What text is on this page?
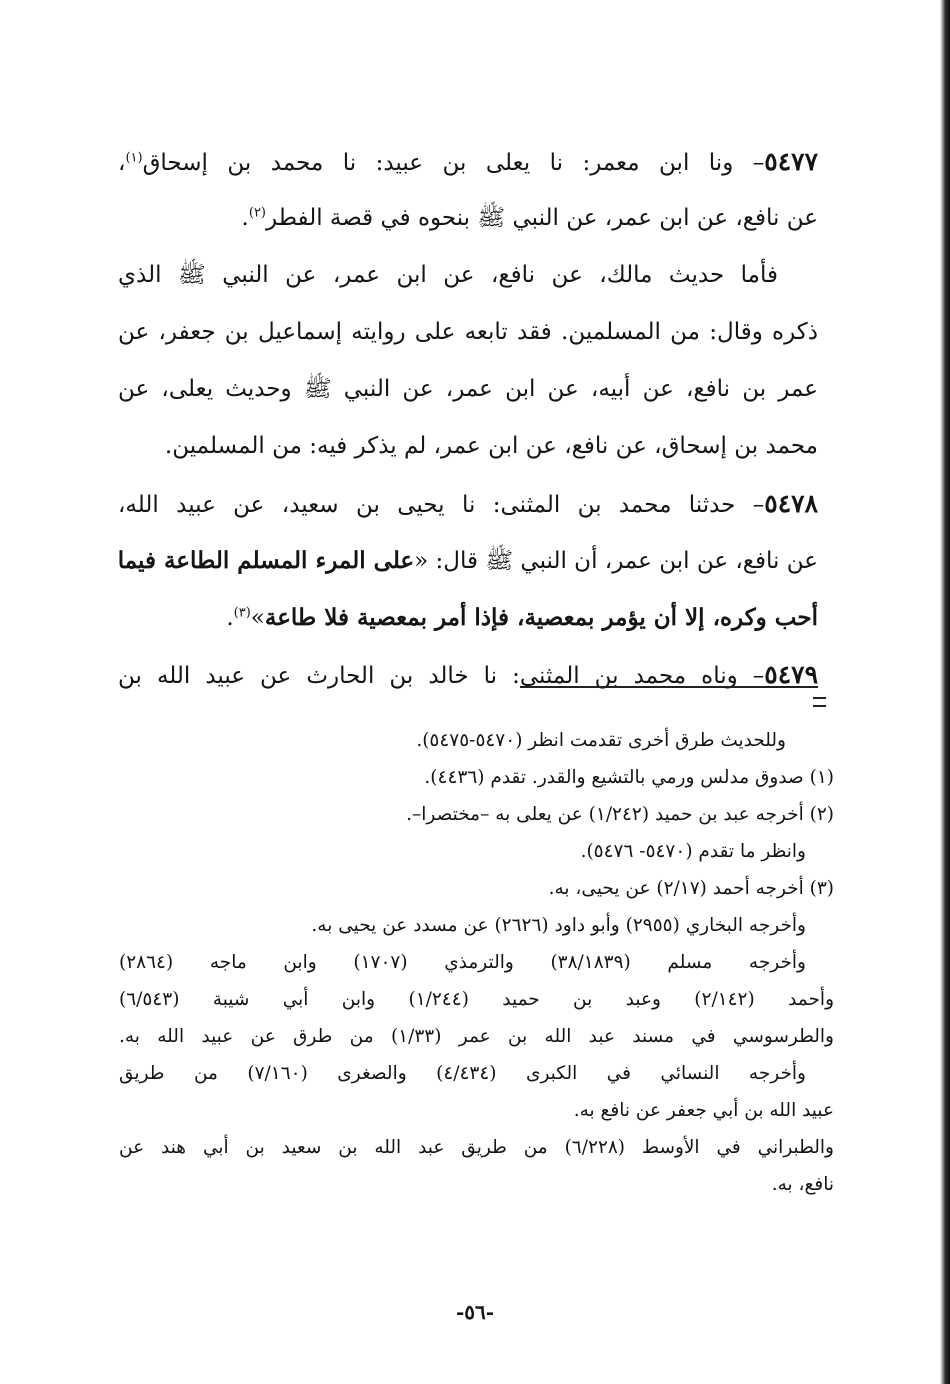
٥٤٧٧– ونا ابن معمر: نا يعلى بن عبيد: نا محمد بن إسحاق$^{(١)}$،
عن نافع، عن ابن عمر، عن النبي ﷺ بنحوه في قصة الفطر$^{(٢)}$.
فأما حديث مالك، عن نافع، عن ابن عمر، عن النبي ﷺ الذي
ذكره وقال: من المسلمين. فقد تابعه على روايته إسماعيل بن جعفر، عن
عمر بن نافع، عن أبيه، عن ابن عمر، عن النبي ﷺ وحديث يعلى، عن
محمد بن إسحاق، عن نافع، عن ابن عمر، لم يذكر فيه: من المسلمين.
٥٤٧٨– حدثنا محمد بن المثنى: نا يحيى بن سعيد، عن عبيد الله،
عن نافع، عن ابن عمر، أن النبي ﷺ قال: «على المرء المسلم الطاعة فيما
أحب وكره، إلا أن يؤمر بمعصية، فإذا أمر بمعصية فلا طاعة»$^{(٣)}$.
٥٤٧٩– وناه محمد بن المثنى: نا خالد بن الحارث عن عبيد الله بن
وللحديث طرق أخرى تقدمت انظر (٥٤٧٠-٥٤٧٥).
(١) صدوق مدلس ورمي بالتشيع والقدر. تقدم (٤٤٣٦).
(٢) أخرجه عبد بن حميد (١/٢٤٢) عن يعلى به –مختصرا–.
وانظر ما تقدم (٥٤٧٠- ٥٤٧٦).
(٣) أخرجه أحمد (٢/١٧) عن يحيى، به.
وأخرجه البخاري (٢٩٥٥) وأبو داود (٢٦٢٦) عن مسدد عن يحيى به.
وأخرجه مسلم (٣٨/١٨٣٩) والترمذي (١٧٠٧) وابن ماجه (٢٨٦٤)
وأحمد (٢/١٤٢) وعبد بن حميد (١/٢٤٤) وابن أبي شيبة (٦/٥٤٣)
والطرسوسي في مسند عبد الله بن عمر (١/٣٣) من طرق عن عبيد الله به.
وأخرجه النسائي في الكبرى (٤/٤٣٤) والصغرى (٧/١٦٠) من طريق
عبيد الله بن أبي جعفر عن نافع به.
والطبراني في الأوسط (٦/٢٢٨) من طريق عبد الله بن سعيد بن أبي هند عن
نافع، به.
-٥٦-
